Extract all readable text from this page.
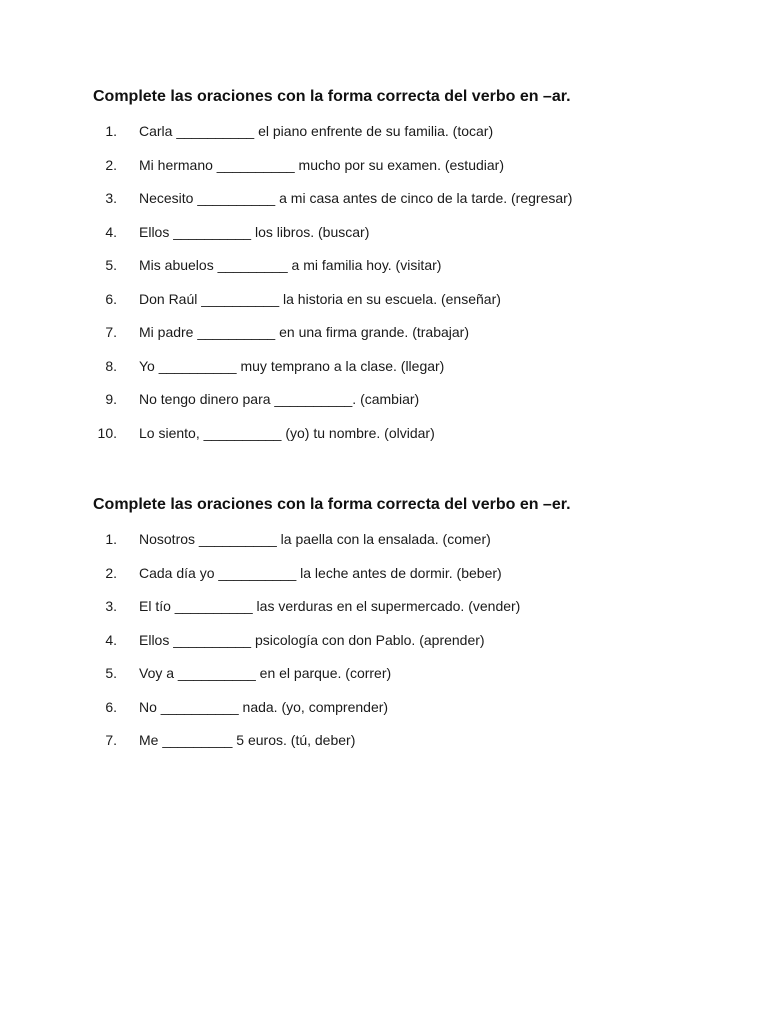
Complete las oraciones con la forma correcta del verbo en –ar.
1. Carla __________ el piano enfrente de su familia. (tocar)
2. Mi hermano __________ mucho por su examen. (estudiar)
3. Necesito __________ a mi casa antes de cinco de la tarde. (regresar)
4. Ellos __________ los libros. (buscar)
5. Mis abuelos _________ a mi familia hoy. (visitar)
6. Don Raúl __________ la historia en su escuela. (enseñar)
7. Mi padre __________ en una firma grande. (trabajar)
8. Yo __________ muy temprano a la clase. (llegar)
9. No tengo dinero para __________. (cambiar)
10. Lo siento, __________ (yo) tu nombre. (olvidar)
Complete las oraciones con la forma correcta del verbo en –er.
1. Nosotros __________ la paella con la ensalada. (comer)
2. Cada día yo __________ la leche antes de dormir. (beber)
3. El tío __________ las verduras en el supermercado. (vender)
4. Ellos __________ psicología con don Pablo. (aprender)
5. Voy a __________ en el parque. (correr)
6. No __________ nada. (yo, comprender)
7. Me _________ 5 euros. (tú, deber)
